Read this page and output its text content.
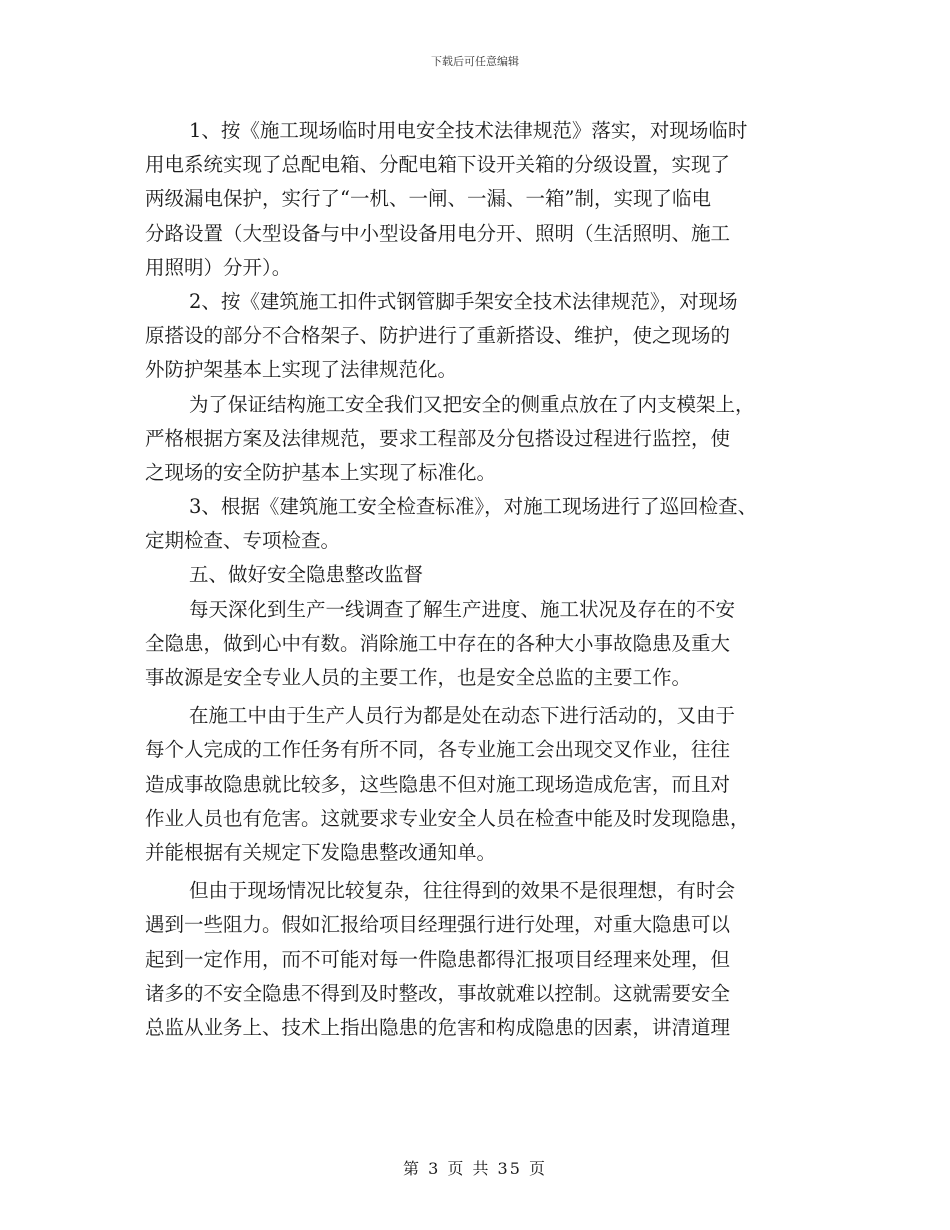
下载后可任意编辑
1、按《施工现场临时用电安全技术法律规范》落实，对现场临时
用电系统实现了总配电箱、分配电箱下设开关箱的分级设置，实现了
两级漏电保护，实行了“一机、一闸、一漏、一箱”制，实现了临电
分路设置（大型设备与中小型设备用电分开、照明（生活照明、施工
用照明）分开）。
2、按《建筑施工扣件式钢管脚手架安全技术法律规范》，对现场
原搭设的部分不合格架子、防护进行了重新搭设、维护，使之现场的
外防护架基本上实现了法律规范化。
为了保证结构施工安全我们又把安全的侧重点放在了内支模架上，
严格根据方案及法律规范，要求工程部及分包搭设过程进行监控，使
之现场的安全防护基本上实现了标准化。
3、根据《建筑施工安全检查标准》，对施工现场进行了巡回检查、
定期检查、专项检查。
五、做好安全隐患整改监督
每天深化到生产一线调查了解生产进度、施工状况及存在的不安
全隐患，做到心中有数。消除施工中存在的各种大小事故隐患及重大
事故源是安全专业人员的主要工作，也是安全总监的主要工作。
在施工中由于生产人员行为都是处在动态下进行活动的，又由于
每个人完成的工作任务有所不同，各专业施工会出现交叉作业，往往
造成事故隐患就比较多，这些隐患不但对施工现场造成危害，而且对
作业人员也有危害。这就要求专业安全人员在检查中能及时发现隐患，
并能根据有关规定下发隐患整改通知单。
但由于现场情况比较复杂，往往得到的效果不是很理想，有时会
遇到一些阻力。假如汇报给项目经理强行进行处理，对重大隐患可以
起到一定作用，而不可能对每一件隐患都得汇报项目经理来处理，但
诸多的不安全隐患不得到及时整改，事故就难以控制。这就需要安全
总监从业务上、技术上指出隐患的危害和构成隐患的因素，讲清道理
第 3 页 共 35 页
